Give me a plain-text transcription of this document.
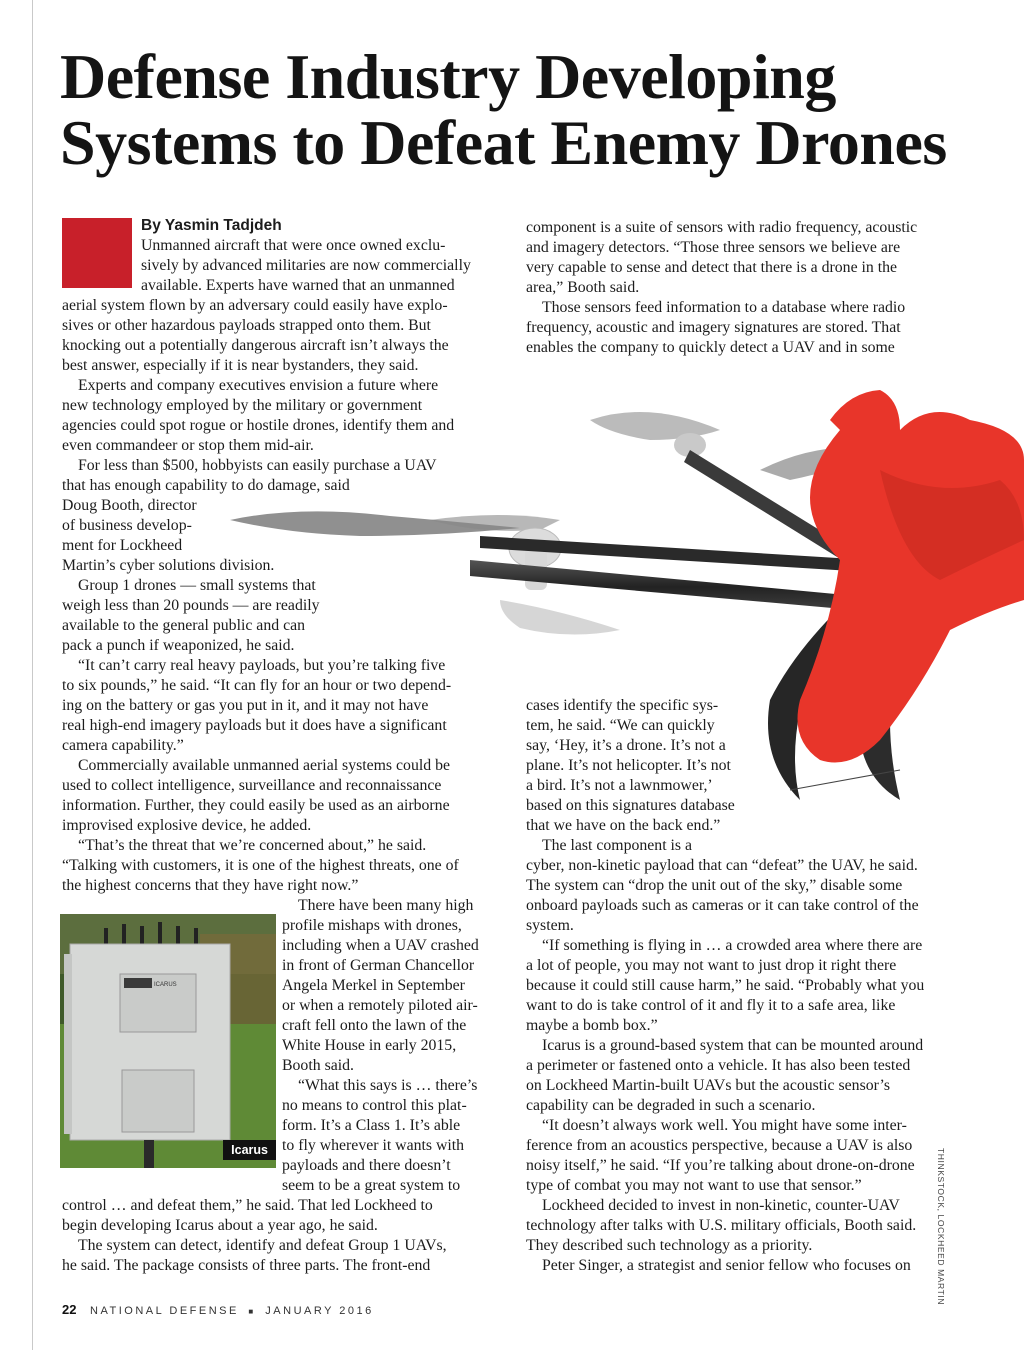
Defense Industry Developing
Systems to Defeat Enemy Drones

By Yasmin Tadjdeh

Unmanned aircraft that were once owned exclu-

sively by advanced militaries are now commercially

available. Experts have warned that an unmanned

aerial system flown by an adversary could easily have explo-

sives or other hazardous payloads strapped onto them. But

knocking out a potentially dangerous aircraft isn’t always the

best answer, especially if it is near bystanders, they said.

Experts and company executives envision a future where

new technology employed by the military or government

agencies could spot rogue or hostile drones, identify them and

even commandeer or stop them mid-air.

For less than $500, hobbyists can easily purchase a UAV

that has enough capability to do damage, said

Doug Booth, director

of business develop-

ment for Lockheed

Martin’s cyber solutions division.

Group 1 drones — small systems that

weigh less than 20 pounds — are readily

available to the general public and can

pack a punch if weaponized, he said.

“It can’t carry real heavy payloads, but you’re talking five

to six pounds,” he said. “It can fly for an hour or two depend-

ing on the battery or gas you put in it, and it may not have

real high-end imagery payloads but it does have a significant

camera capability.”

Commercially available unmanned aerial systems could be

used to collect intelligence, surveillance and reconnaissance

information. Further, they could easily be used as an airborne

improvised explosive device, he added.

“That’s the threat that we’re concerned about,” he said.

“Talking with customers, it is one of the highest threats, one of

the highest concerns that they have right now.”

ICARUS
Icarus

There have been many high

profile mishaps with drones,

including when a UAV crashed

in front of German Chancellor

Angela Merkel in September

or when a remotely piloted air-

craft fell onto the lawn of the

White House in early 2015,

Booth said.

“What this says is … there’s

no means to control this plat-

form. It’s a Class 1. It’s able

to fly wherever it wants with

payloads and there doesn’t

seem to be a great system to

control … and defeat them,” he said. That led Lockheed to

begin developing Icarus about a year ago, he said.

The system can detect, identify and defeat Group 1 UAVs,

he said. The package consists of three parts. The front-end

component is a suite of sensors with radio frequency, acoustic

and imagery detectors. “Those three sensors we believe are

very capable to sense and detect that there is a drone in the

area,” Booth said.

Those sensors feed information to a database where radio

frequency, acoustic and imagery signatures are stored. That

enables the company to quickly detect a UAV and in some

cases identify the specific sys-

tem, he said. “We can quickly

say, ‘Hey, it’s a drone. It’s not a

plane. It’s not helicopter. It’s not

a bird. It’s not a lawnmower,’

based on this signatures database

that we have on the back end.”

The last component is a

cyber, non-kinetic payload that can “defeat” the UAV, he said.

The system can “drop the unit out of the sky,” disable some

onboard payloads such as cameras or it can take control of the

system.

“If something is flying in … a crowded area where there are

a lot of people, you may not want to just drop it right there

because it could still cause harm,” he said. “Probably what you

want to do is take control of it and fly it to a safe area, like

maybe a bomb box.”

Icarus is a ground-based system that can be mounted around

a perimeter or fastened onto a vehicle. It has also been tested

on Lockheed Martin-built UAVs but the acoustic sensor’s

capability can be degraded in such a scenario.

“It doesn’t always work well. You might have some inter-

ference from an acoustics perspective, because a UAV is also

noisy itself,” he said. “If you’re talking about drone-on-drone

type of combat you may not want to use that sensor.”

Lockheed decided to invest in non-kinetic, counter-UAV

technology after talks with U.S. military officials, Booth said.

They described such technology as a priority.

Peter Singer, a strategist and senior fellow who focuses on	THINKSTOCK, LOCKHEED MARTIN
22 NATIONAL DEFENSE ■ JANUARY 2016
